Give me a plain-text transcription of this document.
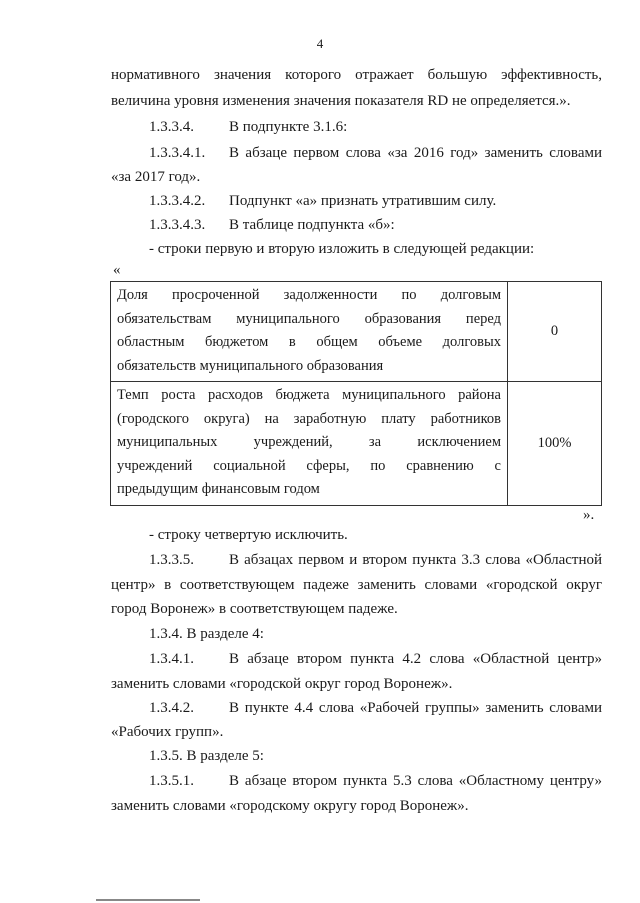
4
нормативного значения которого отражает большую эффективность,
величина уровня изменения значения показателя RD не определяется.».
1.3.3.4. В подпункте 3.1.6:
1.3.3.4.1. В абзаце первом слова «за 2016 год» заменить словами
«за 2017 год».
1.3.3.4.2. Подпункт «а» признать утратившим силу.
1.3.3.4.3. В таблице подпункта «б»:
- строки первую и вторую изложить в следующей редакции:
«
Доля просроченной задолженности по долговым
обязательствам муниципального образования перед
областным бюджетом в общем объеме долговых
обязательств муниципального образования	0

Темп роста расходов бюджета муниципального района
(городского округа) на заработную плату работников
муниципальных учреждений, за исключением
учреждений социальной сферы, по сравнению с
предыдущим финансовым годом	100%
».
- строку четвертую исключить.
1.3.3.5. В абзацах первом и втором пункта 3.3 слова «Областной
центр» в соответствующем падеже заменить словами «городской округ
город Воронеж» в соответствующем падеже.
1.3.4. В разделе 4:
1.3.4.1. В абзаце втором пункта 4.2 слова «Областной центр»
заменить словами «городской округ город Воронеж».
1.3.4.2. В пункте 4.4 слова «Рабочей группы» заменить словами
«Рабочих групп».
1.3.5. В разделе 5:
1.3.5.1. В абзаце втором пункта 5.3 слова «Областному центру»
заменить словами «городскому округу город Воронеж».
